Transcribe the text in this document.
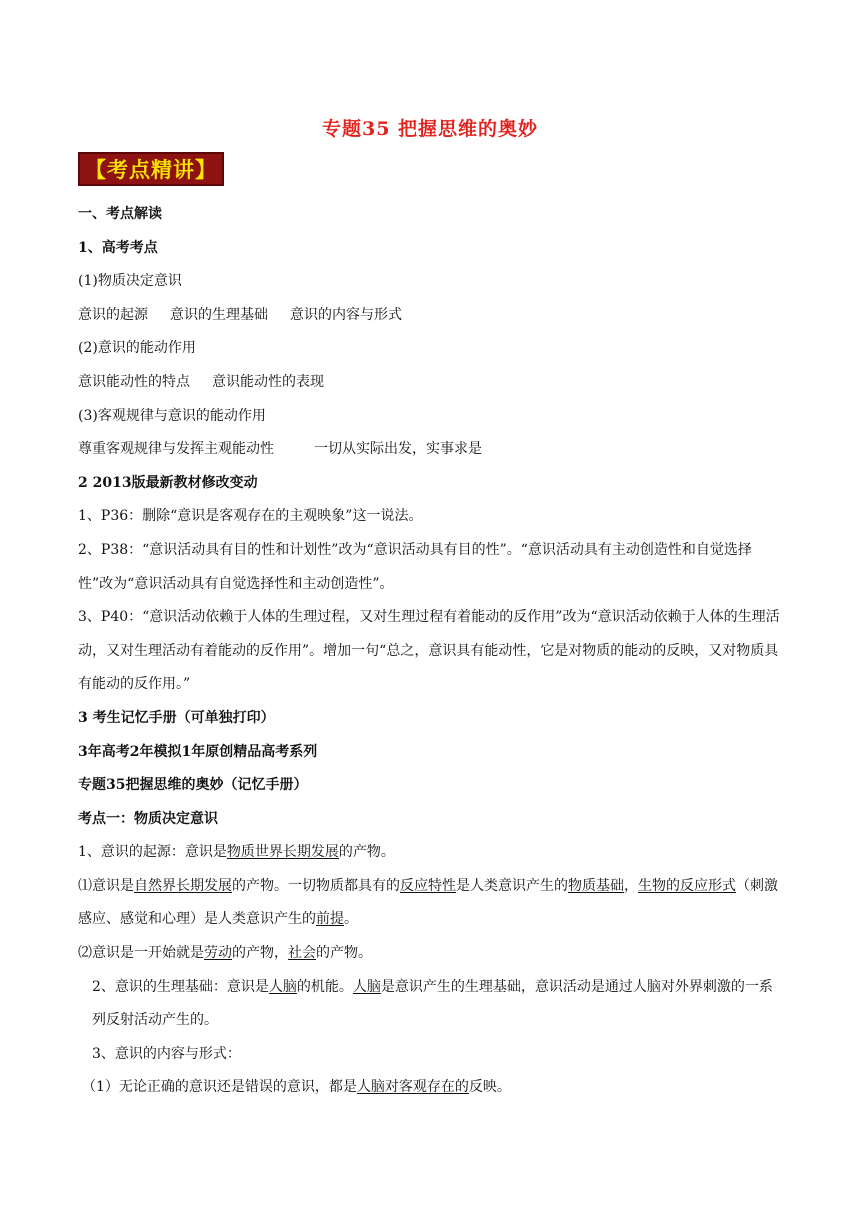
专题35 把握思维的奥妙
【考点精讲】

一、考点解读

1、高考考点

(1)物质决定意识

意识的起源 意识的生理基础 意识的内容与形式

(2)意识的能动作用

意识能动性的特点 意识能动性的表现

(3)客观规律与意识的能动作用

尊重客观规律与发挥主观能动性	一切从实际出发，实事求是

2 2013版最新教材修改变动

1、P36：删除“意识是客观存在的主观映象”这一说法。

2、P38：“意识活动具有目的性和计划性”改为“意识活动具有目的性”。“意识活动具有主动创造性和自觉选择性”改为“意识活动具有自觉选择性和主动创造性”。

3、P40：“意识活动依赖于人体的生理过程，又对生理过程有着能动的反作用”改为“意识活动依赖于人体的生理活动，又对生理活动有着能动的反作用”。增加一句“总之，意识具有能动性，它是对物质的能动的反映，又对物质具有能动的反作用。”

3 考生记忆手册（可单独打印）

3年高考2年模拟1年原创精品高考系列

专题35把握思维的奥妙（记忆手册）

考点一：物质决定意识

1、意识的起源：意识是物质世界长期发展的产物。

⑴意识是自然界长期发展的产物。一切物质都具有的反应特性是人类意识产生的物质基础，生物的反应形式（刺激感应、感觉和心理）是人类意识产生的前提。

⑵意识是一开始就是劳动的产物，社会的产物。

2、意识的生理基础：意识是人脑的机能。人脑是意识产生的生理基础，意识活动是通过人脑对外界刺激的一系列反射活动产生的。

3、意识的内容与形式：

（1）无论正确的意识还是错误的意识，都是人脑对客观存在的反映。
